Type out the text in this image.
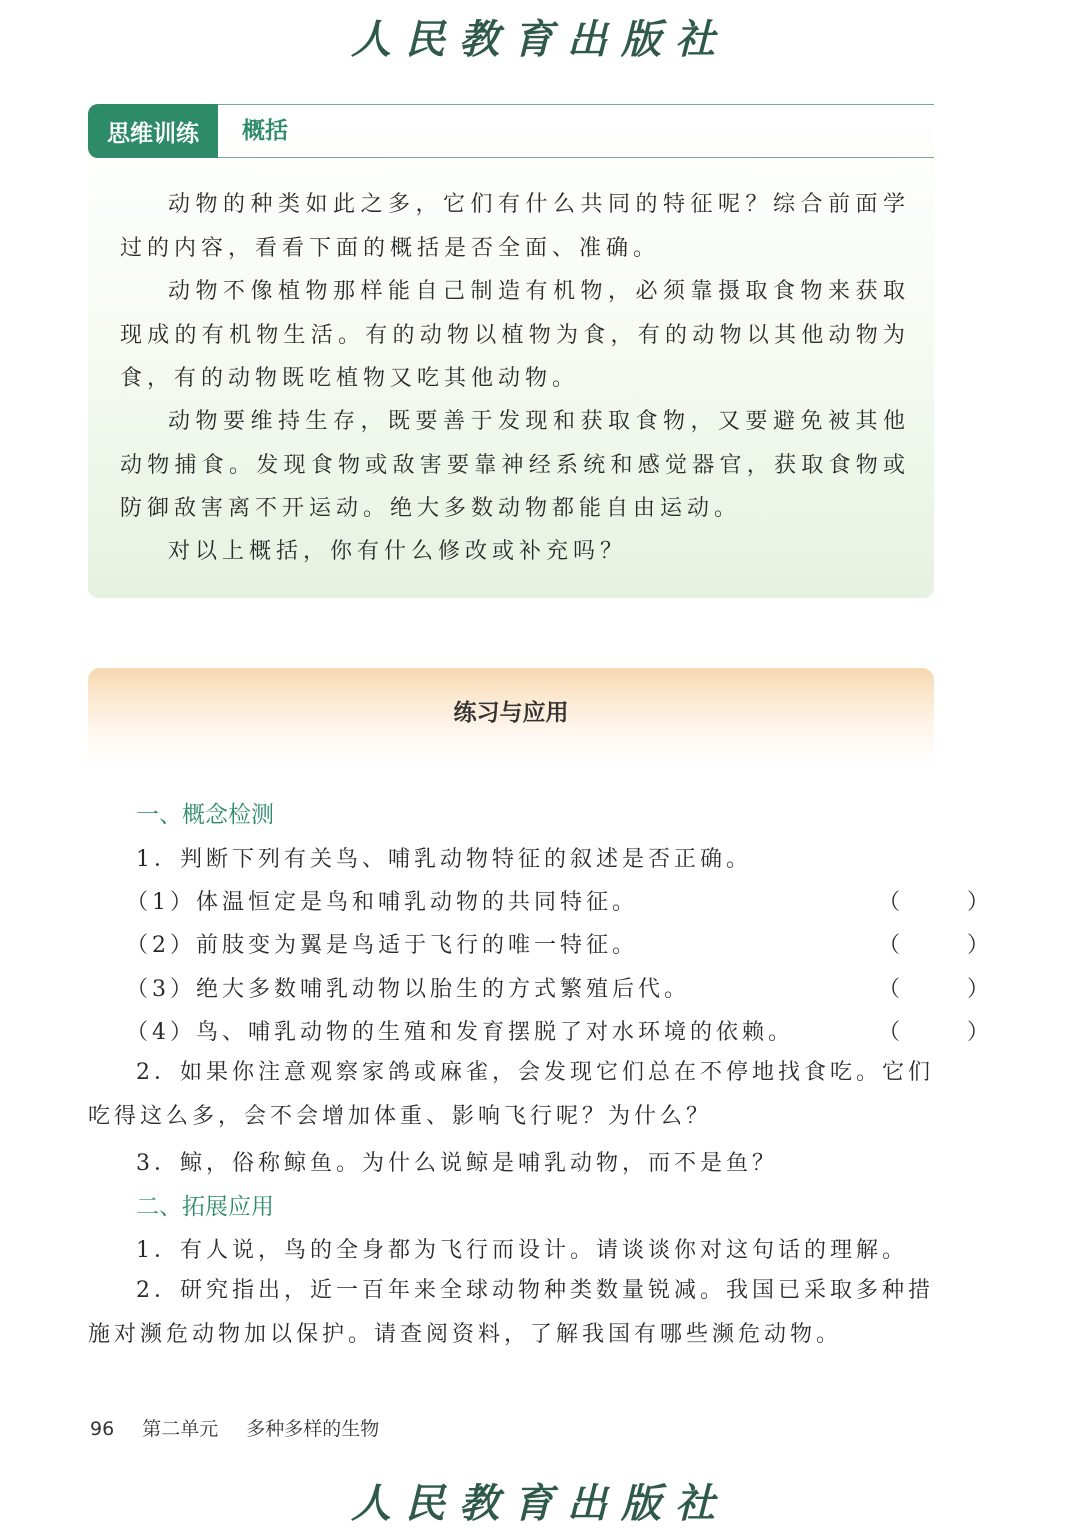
人民教育出版社
思维训练	概括

动物的种类如此之多，它们有什么共同的特征呢？综合前面学过的内容，看看下面的概括是否全面、准确。

动物不像植物那样能自己制造有机物，必须靠摄取食物来获取现成的有机物生活。有的动物以植物为食，有的动物以其他动物为食，有的动物既吃植物又吃其他动物。

动物要维持生存，既要善于发现和获取食物，又要避免被其他动物捕食。发现食物或敌害要靠神经系统和感觉器官，获取食物或防御敌害离不开运动。绝大多数动物都能自由运动。

对以上概括，你有什么修改或补充吗？

练习与应用
一、概念检测
1．判断下列有关鸟、哺乳动物特征的叙述是否正确。
（1）体温恒定是鸟和哺乳动物的共同特征。	（ ）
（2）前肢变为翼是鸟适于飞行的唯一特征。	（ ）
（3）绝大多数哺乳动物以胎生的方式繁殖后代。	（ ）
（4）鸟、哺乳动物的生殖和发育摆脱了对水环境的依赖。	（ ）

2．如果你注意观察家鸽或麻雀，会发现它们总在不停地找食吃。它们吃得这么多，会不会增加体重、影响飞行呢？为什么？

3．鲸，俗称鲸鱼。为什么说鲸是哺乳动物，而不是鱼？
二、拓展应用
1．有人说，鸟的全身都为飞行而设计。请谈谈你对这句话的理解。

2．研究指出，近一百年来全球动物种类数量锐减。我国已采取多种措施对濒危动物加以保护。请查阅资料，了解我国有哪些濒危动物。

96 第二单元 多种多样的生物
人民教育出版社
